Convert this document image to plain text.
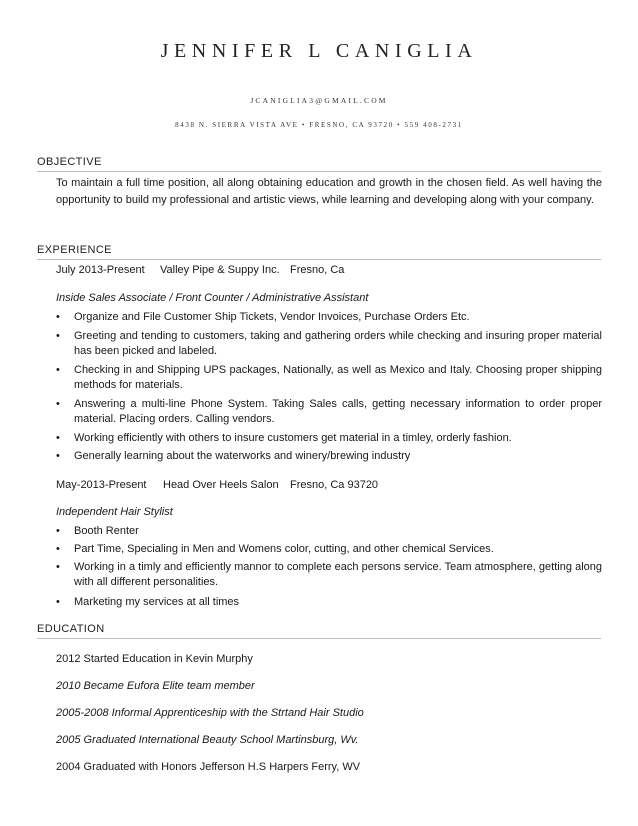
JENNIFER L CANIGLIA
JCANIGLIA3@GMAIL.COM
8438 N. SIERRA VISTA AVE • FRESNO, CA 93720 • 559 408-2731
OBJECTIVE
To maintain a full time position, all along obtaining education and growth in the chosen field. As well having the opportunity to build my professional and artistic views, while learning and developing along with your company.
EXPERIENCE
July 2013-Present Valley Pipe & Suppy Inc. Fresno, Ca
Inside Sales Associate / Front Counter / Administrative Assistant
•	Organize and File Customer Ship Tickets, Vendor Invoices, Purchase Orders Etc.
•	Greeting and tending to customers, taking and gathering orders while checking and insuring proper material has been picked and labeled.
•	Checking in and Shipping UPS packages, Nationally, as well as Mexico and Italy. Choosing proper shipping methods for materials.
•	Answering a multi-line Phone System. Taking Sales calls, getting necessary information to order proper material. Placing orders. Calling vendors.
•	Working efficiently with others to insure customers get material in a timley, orderly fashion.
•	Generally learning about the waterworks and winery/brewing industry
May-2013-Present Head Over Heels Salon Fresno, Ca 93720
Independent Hair Stylist
•	Booth Renter
•	Part Time, Specialing in Men and Womens color, cutting, and other chemical Services.
•	Working in a timly and efficiently mannor to complete each persons service. Team atmosphere, getting along with all different personalities.
•	Marketing my services at all times
EDUCATION
2012 Started Education in Kevin Murphy
2010 Became Eufora Elite team member
2005-2008 Informal Apprenticeship with the Strtand Hair Studio
2005 Graduated International Beauty School Martinsburg, Wv.
2004 Graduated with Honors Jefferson H.S Harpers Ferry, WV
